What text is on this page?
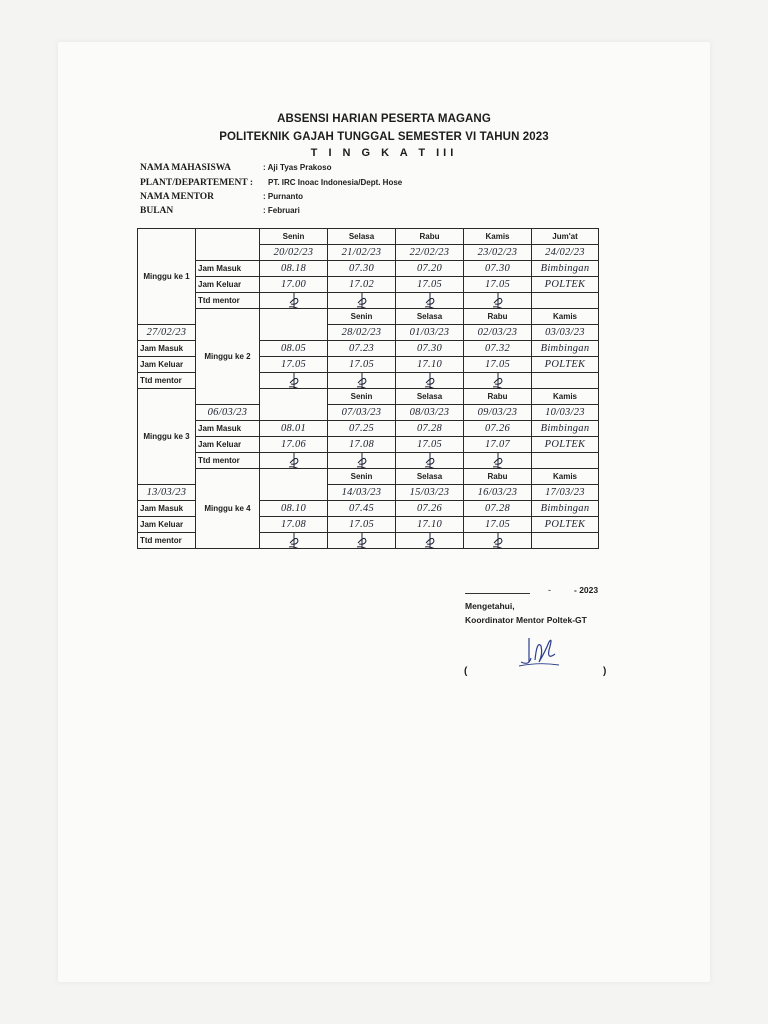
ABSENSI HARIAN PESERTA MAGANG
POLITEKNIK GAJAH TUNGGAL SEMESTER VI TAHUN 2023
T I N G K A T III
NAMA MAHASISWA	: Aji Tyas Prakoso
PLANT/DEPARTEMENT :	PT. IRC Inoac Indonesia/Dept. Hose
NAMA MENTOR	: Purnanto
BULAN	: Februari
Minggu ke 1		Senin	Selasa	Rabu	Kamis	Jum'at	
		20/02/23	21/02/23	22/02/23	23/02/23	24/02/23	
	Jam Masuk	08.18	07.30	07.20	07.30	Bimbingan	
	Jam Keluar	17.00	17.02	17.05	17.05	POLTEK	
	Ttd mentor	

	Minggu ke 2		Senin	Selasa	Rabu	Kamis	
27/02/23			28/02/23	01/03/23	02/03/23	03/03/23	
Jam Masuk		08.05	07.23	07.30	07.32	Bimbingan	
Jam Keluar		17.05	17.05	17.10	17.05	POLTEK	
Ttd mentor	

Minggu ke 3			Senin	Selasa	Rabu	Kamis	
	06/03/23		07/03/23	08/03/23	09/03/23	10/03/23	
	Jam Masuk	08.01	07.25	07.28	07.26	Bimbingan	
	Jam Keluar	17.06	17.08	17.05	17.07	POLTEK	
	Ttd mentor	

	Minggu ke 4		Senin	Selasa	Rabu	Kamis	
13/03/23			14/03/23	15/03/23	16/03/23	17/03/23	
Jam Masuk		08.10	07.45	07.26	07.28	Bimbingan	
Jam Keluar		17.08	17.05	17.10	17.05	POLTEK	
Ttd mentor	

-	- 2023
Mengetahui,
Koordinator Mentor Poltek-GT
(	)
